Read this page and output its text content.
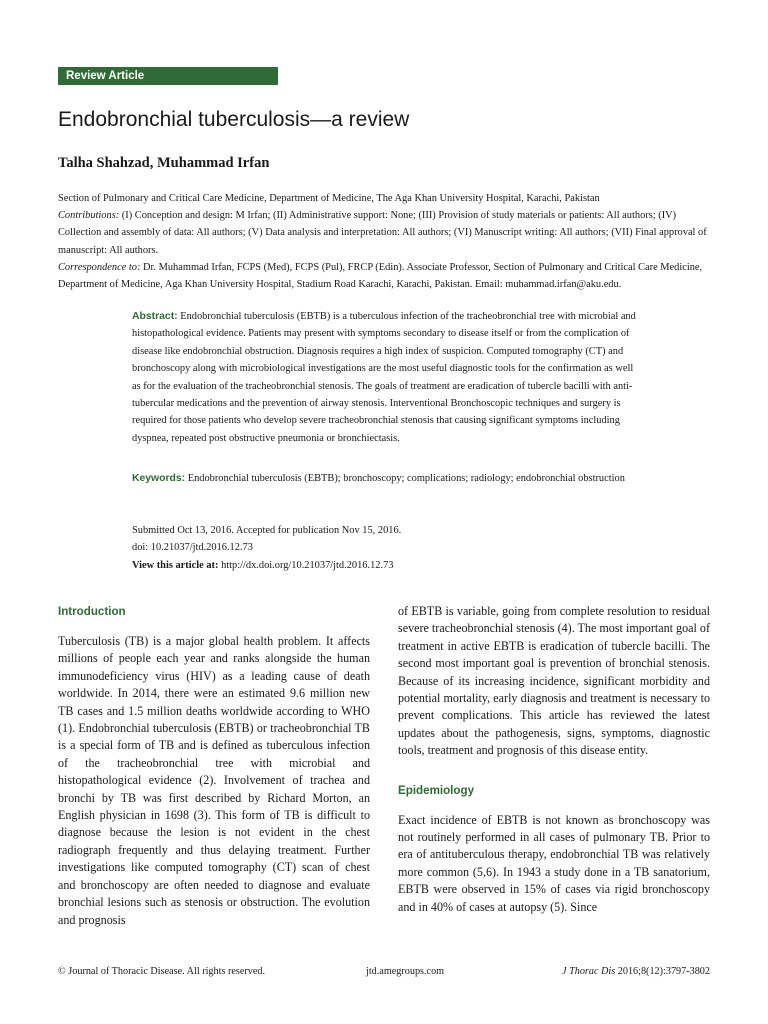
Review Article
Endobronchial tuberculosis—a review

Talha Shahzad, Muhammad Irfan

Section of Pulmonary and Critical Care Medicine, Department of Medicine, The Aga Khan University Hospital, Karachi, Pakistan

Contributions: (I) Conception and design: M Irfan; (II) Administrative support: None; (III) Provision of study materials or patients: All authors; (IV) Collection and assembly of data: All authors; (V) Data analysis and interpretation: All authors; (VI) Manuscript writing: All authors; (VII) Final approval of manuscript: All authors.

Correspondence to: Dr. Muhammad Irfan, FCPS (Med), FCPS (Pul), FRCP (Edin). Associate Professor, Section of Pulmonary and Critical Care Medicine, Department of Medicine, Aga Khan University Hospital, Stadium Road Karachi, Karachi, Pakistan. Email: muhammad.irfan@aku.edu.

Abstract: Endobronchial tuberculosis (EBTB) is a tuberculous infection of the tracheobronchial tree with microbial and histopathological evidence. Patients may present with symptoms secondary to disease itself or from the complication of disease like endobronchial obstruction. Diagnosis requires a high index of suspicion. Computed tomography (CT) and bronchoscopy along with microbiological investigations are the most useful diagnostic tools for the confirmation as well as for the evaluation of the tracheobronchial stenosis. The goals of treatment are eradication of tubercle bacilli with anti-tubercular medications and the prevention of airway stenosis. Interventional Bronchoscopic techniques and surgery is required for those patients who develop severe tracheobronchial stenosis that causing significant symptoms including dyspnea, repeated post obstructive pneumonia or bronchiectasis.

Keywords: Endobronchial tuberculosis (EBTB); bronchoscopy; complications; radiology; endobronchial obstruction

Submitted Oct 13, 2016. Accepted for publication Nov 15, 2016.

doi: 10.21037/jtd.2016.12.73

View this article at: http://dx.doi.org/10.21037/jtd.2016.12.73

Introduction

Tuberculosis (TB) is a major global health problem. It affects millions of people each year and ranks alongside the human immunodeficiency virus (HIV) as a leading cause of death worldwide. In 2014, there were an estimated 9.6 million new TB cases and 1.5 million deaths worldwide according to WHO (1). Endobronchial tuberculosis (EBTB) or tracheobronchial TB is a special form of TB and is defined as tuberculous infection of the tracheobronchial tree with microbial and histopathological evidence (2). Involvement of trachea and bronchi by TB was first described by Richard Morton, an English physician in 1698 (3). This form of TB is difficult to diagnose because the lesion is not evident in the chest radiograph frequently and thus delaying treatment. Further investigations like computed tomography (CT) scan of chest and bronchoscopy are often needed to diagnose and evaluate bronchial lesions such as stenosis or obstruction. The evolution and prognosis

of EBTB is variable, going from complete resolution to residual severe tracheobronchial stenosis (4). The most important goal of treatment in active EBTB is eradication of tubercle bacilli. The second most important goal is prevention of bronchial stenosis. Because of its increasing incidence, significant morbidity and potential mortality, early diagnosis and treatment is necessary to prevent complications. This article has reviewed the latest updates about the pathogenesis, signs, symptoms, diagnostic tools, treatment and prognosis of this disease entity.

Epidemiology

Exact incidence of EBTB is not known as bronchoscopy was not routinely performed in all cases of pulmonary TB. Prior to era of antituberculous therapy, endobronchial TB was relatively more common (5,6). In 1943 a study done in a TB sanatorium, EBTB were observed in 15% of cases via rigid bronchoscopy and in 40% of cases at autopsy (5). Since

© Journal of Thoracic Disease. All rights reserved.	jtd.amegroups.com	J Thorac Dis 2016;8(12):3797-3802
